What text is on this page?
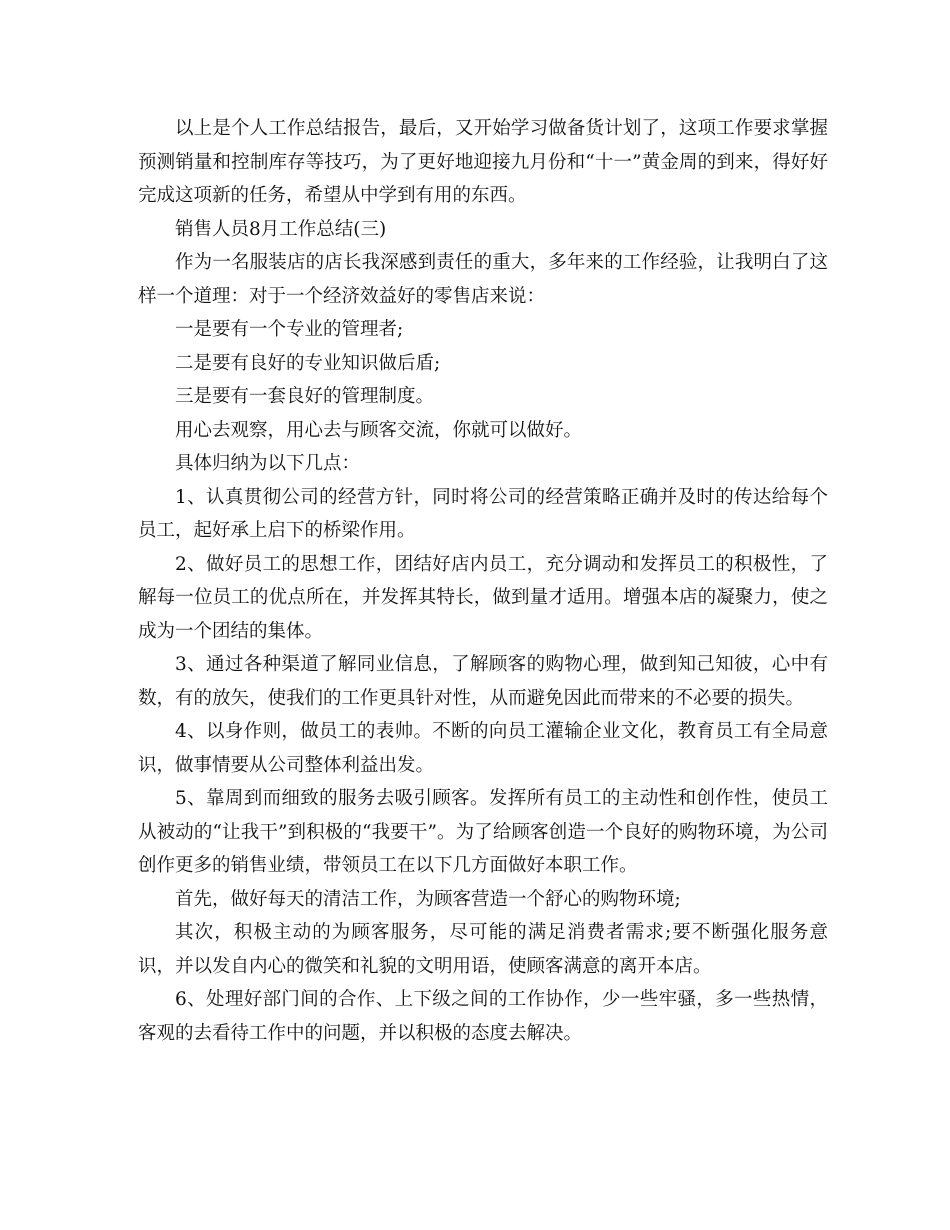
以上是个人工作总结报告，最后，又开始学习做备货计划了，这项工作要求掌握预测销量和控制库存等技巧，为了更好地迎接九月份和“十一”黄金周的到来，得好好完成这项新的任务，希望从中学到有用的东西。

销售人员8月工作总结(三)

作为一名服装店的店长我深感到责任的重大，多年来的工作经验，让我明白了这样一个道理：对于一个经济效益好的零售店来说：

一是要有一个专业的管理者;

二是要有良好的专业知识做后盾;

三是要有一套良好的管理制度。

用心去观察，用心去与顾客交流，你就可以做好。

具体归纳为以下几点：

1、认真贯彻公司的经营方针，同时将公司的经营策略正确并及时的传达给每个员工，起好承上启下的桥梁作用。

2、做好员工的思想工作，团结好店内员工，充分调动和发挥员工的积极性，了解每一位员工的优点所在，并发挥其特长，做到量才适用。增强本店的凝聚力，使之成为一个团结的集体。

3、通过各种渠道了解同业信息，了解顾客的购物心理，做到知己知彼，心中有数，有的放矢，使我们的工作更具针对性，从而避免因此而带来的不必要的损失。

4、以身作则，做员工的表帅。不断的向员工灌输企业文化，教育员工有全局意识，做事情要从公司整体利益出发。

5、靠周到而细致的服务去吸引顾客。发挥所有员工的主动性和创作性，使员工从被动的“让我干”到积极的“我要干”。为了给顾客创造一个良好的购物环境，为公司创作更多的销售业绩，带领员工在以下几方面做好本职工作。

首先，做好每天的清洁工作，为顾客营造一个舒心的购物环境;

其次，积极主动的为顾客服务，尽可能的满足消费者需求;要不断强化服务意识，并以发自内心的微笑和礼貌的文明用语，使顾客满意的离开本店。

6、处理好部门间的合作、上下级之间的工作协作，少一些牢骚，多一些热情，客观的去看待工作中的问题，并以积极的态度去解决。
